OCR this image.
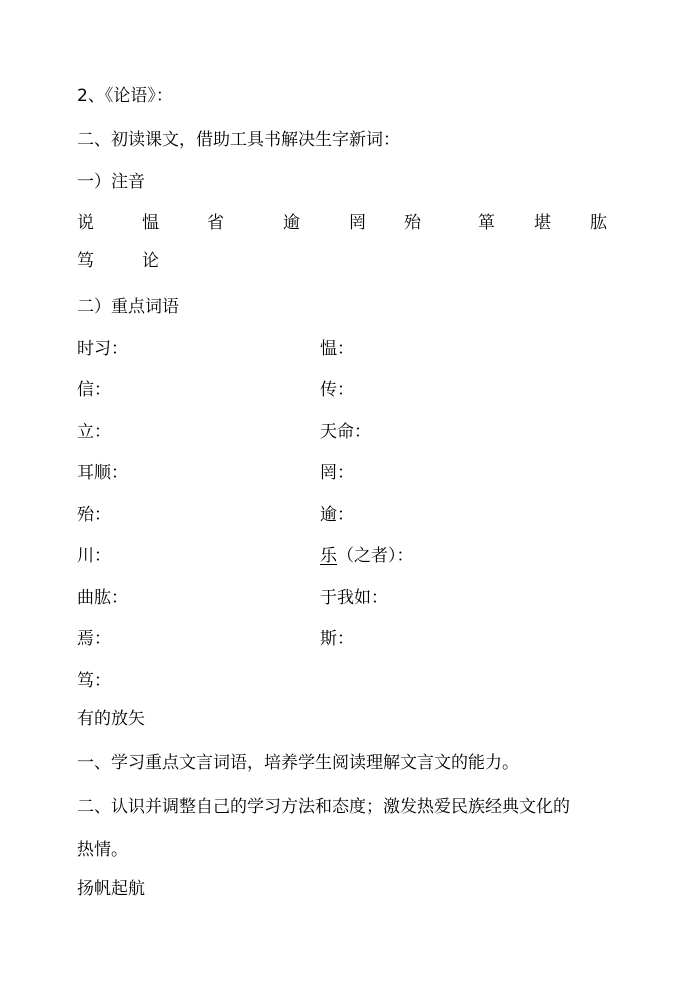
2、《论语》：
二、初读课文，借助工具书解决生字新词：
一）注音
说	愠	省	逾	罔 殆	箪 堪 肱
笃	论
二）重点词语
时习：	愠：
信：	传：
立：	天命：
耳顺：	罔：
殆：	逾：
川：	乐（之者）：
曲肱：	于我如：
焉：	斯：
笃：
有的放矢
一、学习重点文言词语，培养学生阅读理解文言文的能力。
二、认识并调整自己的学习方法和态度；激发热爱民族经典文化的
热情。
扬帆起航
